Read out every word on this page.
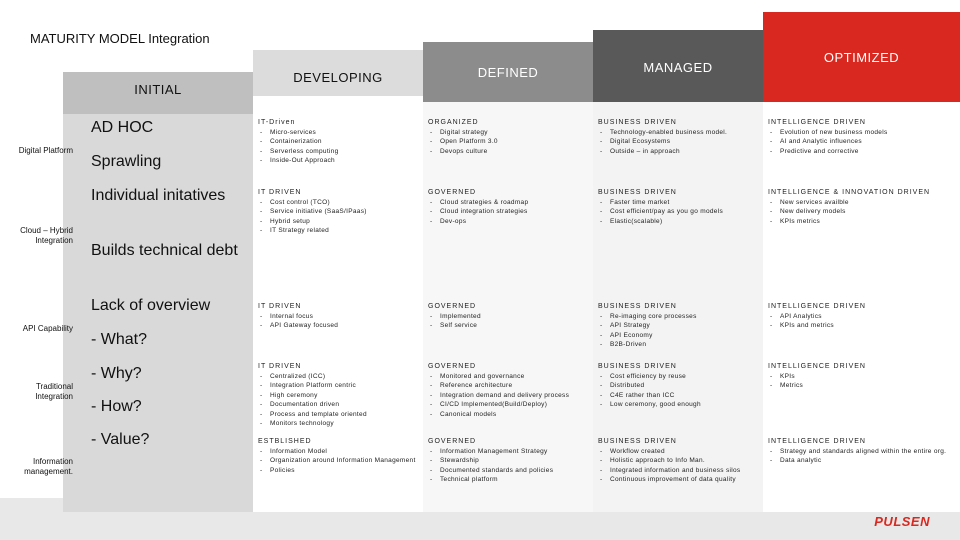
INITIAL
DEVELOPING	DEFINED	MANAGED
OPTIMIZED
MATURITY MODEL Integration
Digital Platform
Cloud – Hybrid Integration
API Capability
Traditional Integration
Information management.
AD HOC
Sprawling
Individual initatives
Builds technical debt
Lack of overview
- What?
- Why?
- How?
- Value?
IT-Driven
- Micro-services
- Containerization
- Serverless computing
- Inside-Out Approach
ORGANIZED
- Digital strategy
- Open Platform 3.0
- Devops culture
BUSINESS DRIVEN
- Technology-enabled business model.
- Digital Ecosystems
- Outside – in approach
INTELLIGENCE DRIVEN
- Evolution of new business models
- AI and Analytic influences
- Predictive and corrective
IT DRIVEN
- Cost control (TCO)
- Service initiative (SaaS/IPaas)
- Hybrid setup
- IT Strategy related
GOVERNED
- Cloud strategies & roadmap
- Cloud integration strategies
- Dev-ops
BUSINESS DRIVEN
- Faster time market
- Cost efficient/pay as you go models
- Elastic(scalable)
INTELLIGENCE & INNOVATION DRIVEN
- New services availble
- New delivery models
- KPIs metrics
IT DRIVEN
- Internal focus
- API Gateway focused
GOVERNED
- Implemented
- Self service
BUSINESS DRIVEN
- Re-imaging core processes
- API Strategy
- API Economy
- B2B-Driven
INTELLIGENCE DRIVEN
- API Analytics
- KPIs and metrics
IT DRIVEN
- Centralized (ICC)
- Integration Platform centric
- High ceremony
- Documentation driven
- Process and template oriented
- Monitors technology
GOVERNED
- Monitored and governance
- Reference architecture
- Integration demand and delivery process
- CI/CD Implemented(Build/Deploy)
- Canonical models
BUSINESS DRIVEN
- Cost efficiency by reuse
- Distributed
- C4E rather than ICC
- Low ceremony, good enough
INTELLIGENCE DRIVEN
- KPIs
- Metrics
ESTBLISHED
- Information Model
- Organization around Information Management
- Policies
GOVERNED
- Information Management Strategy
- Stewardship
- Documented standards and policies
- Technical platform
BUSINESS DRIVEN
- Workflow created
- Holistic approach to Info Man.
- Integrated information and business silos
- Continuous improvement of data quality
INTELLIGENCE DRIVEN
- Strategy and standards aligned within the entire org.
- Data analytic
PULSEN
